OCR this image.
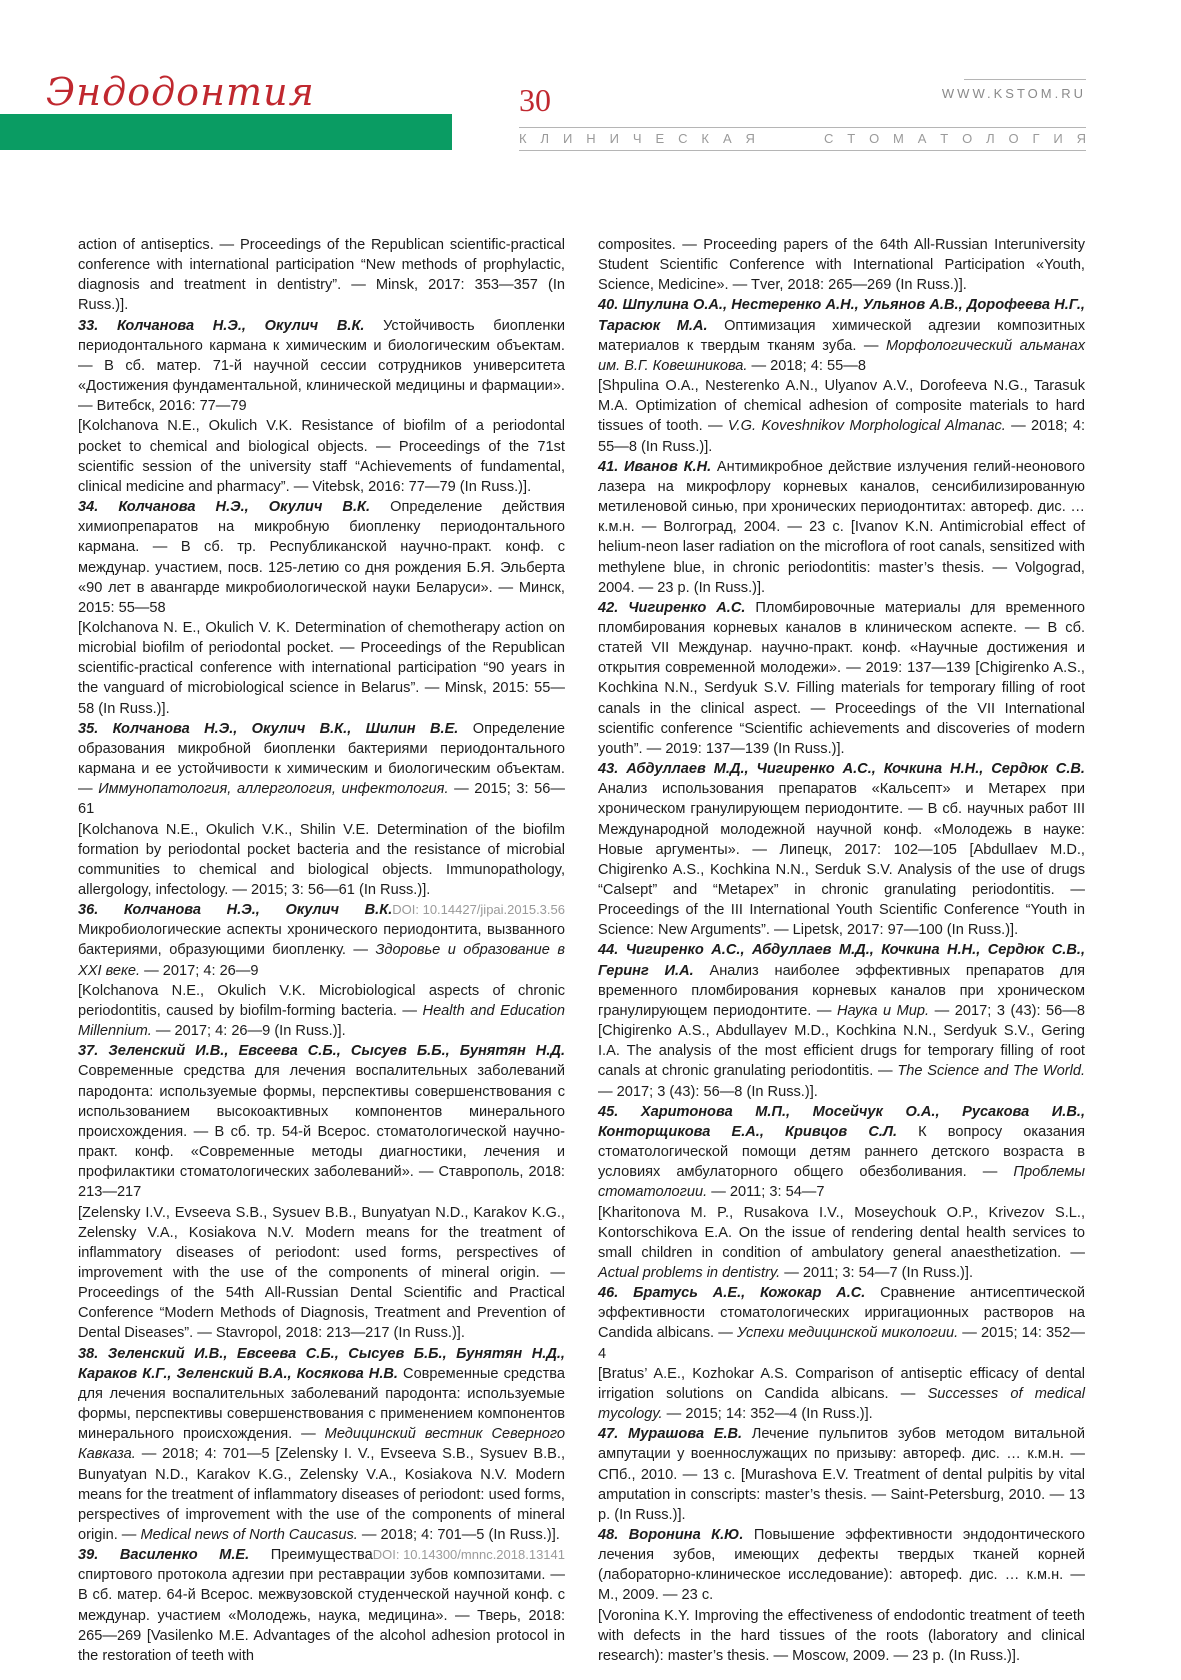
Эндодонтия	30	WWW.KSTOM.RU
К Л И Н И Ч Е С К А Я	С Т О М А Т О Л О Г И Я

action of antiseptics. — Proceedings of the Republican scientific-practical conference with international participation “New methods of prophylactic, diagnosis and treatment in dentistry”. — Minsk, 2017: 353—357 (In Russ.)].

33. Колчанова Н.Э., Окулич В.К. Устойчивость биопленки периодонтального кармана к химическим и биологическим объектам. — В сб. матер. 71-й научной сессии сотрудников университета «Достижения фундаментальной, клинической медицины и фармации». — Витебск, 2016: 77—79

[Kolchanova N.E., Okulich V.K. Resistance of biofilm of a periodontal pocket to chemical and biological objects. — Proceedings of the 71st scientific session of the university staff “Achievements of fundamental, clinical medicine and pharmacy”. — Vitebsk, 2016: 77—79 (In Russ.)].

34. Колчанова Н.Э., Окулич В.К. Определение действия химиопрепаратов на микробную биопленку периодонтального кармана. — В сб. тр. Республиканской научно-практ. конф. с междунар. участием, посв. 125-летию со дня рождения Б.Я. Эльберта «90 лет в авангарде микробиологической науки Беларуси». — Минск, 2015: 55—58

[Kolchanova N. E., Okulich V. K. Determination of chemotherapy action on microbial biofilm of periodontal pocket. — Proceedings of the Republican scientific-practical conference with international participation “90 years in the vanguard of microbiological science in Belarus”. — Minsk, 2015: 55—58 (In Russ.)].

35. Колчанова Н.Э., Окулич В.К., Шилин В.Е. Определение образования микробной биопленки бактериями периодонтального кармана и ее устойчивости к химическим и биологическим объектам. — Иммунопатология, аллергология, инфектология. — 2015; 3: 56—61

[Kolchanova N.E., Okulich V.K., Shilin V.E. Determination of the biofilm formation by periodontal pocket bacteria and the resistance of microbial communities to chemical and biological objects. Immunopathology, allergology, infectology. — 2015; 3: 56—61 (In Russ.)].
DOI: 10.14427/jipai.2015.3.56

36. Колчанова Н.Э., Окулич В.К. Микробиологические аспекты хронического периодонтита, вызванного бактериями, образующими биопленку. — Здоровье и образование в XXI веке. — 2017; 4: 26—9

[Kolchanova N.E., Okulich V.K. Microbiological aspects of chronic periodontitis, caused by biofilm-forming bacteria. — Health and Education Millennium. — 2017; 4: 26—9 (In Russ.)].

37. Зеленский И.В., Евсеева С.Б., Сысуев Б.Б., Бунятян Н.Д. Современные средства для лечения воспалительных заболеваний пародонта: используемые формы, перспективы совершенствования с использованием высокоактивных компонентов минерального происхождения. — В сб. тр. 54-й Всерос. стоматологической научно-практ. конф. «Современные методы диагностики, лечения и профилактики стоматологических заболеваний». — Ставрополь, 2018: 213—217

[Zelensky I.V., Evseeva S.B., Sysuev B.B., Bunyatyan N.D., Karakov K.G., Zelensky V.A., Kosiakova N.V. Modern means for the treatment of inflammatory diseases of periodont: used forms, perspectives of improvement with the use of the components of mineral origin. — Proceedings of the 54th All-Russian Dental Scientific and Practical Conference “Modern Methods of Diagnosis, Treatment and Prevention of Dental Diseases”. — Stavropol, 2018: 213—217 (In Russ.)].

38. Зеленский И.В., Евсеева С.Б., Сысуев Б.Б., Бунятян Н.Д., Караков К.Г., Зеленский В.А., Косякова Н.В. Современные средства для лечения воспалительных заболеваний пародонта: используемые формы, перспективы совершенствования с применением компонентов минерального происхождения. — Медицинский вестник Северного Кавказа. — 2018; 4: 701—5 [Zelensky I. V., Evseeva S.B., Sysuev B.B., Bunyatyan N.D., Karakov K.G., Zelensky V.A., Kosiakova N.V. Modern means for the treatment of inflammatory diseases of periodont: used forms, perspectives of improvement with the use of the components of mineral origin. — Medical news of North Caucasus. — 2018; 4: 701—5 (In Russ.)].
DOI: 10.14300/mnnc.2018.13141

39. Василенко М.Е. Преимущества спиртового протокола адгезии при реставрации зубов композитами. — В сб. матер. 64-й Всерос. межвузовской студенческой научной конф. с междунар. участием «Молодежь, наука, медицина». — Тверь, 2018: 265—269 [Vasilenko M.E. Advantages of the alcohol adhesion protocol in the restoration of teeth with

composites. — Proceeding papers of the 64th All-Russian Interuniversity Student Scientific Conference with International Participation «Youth, Science, Medicine». — Tver, 2018: 265—269 (In Russ.)].

40. Шпулина О.А., Нестеренко А.Н., Ульянов А.В., Дорофеева Н.Г., Тарасюк М.А. Оптимизация химической адгезии композитных материалов к твердым тканям зуба. — Морфологический альманах им. В.Г. Ковешникова. — 2018; 4: 55—8

[Shpulina O.A., Nesterenko A.N., Ulyanov A.V., Dorofeeva N.G., Tarasuk M.A. Optimization of chemical adhesion of composite materials to hard tissues of tooth. — V.G. Koveshnikov Morphological Almanac. — 2018; 4: 55—8 (In Russ.)].

41. Иванов К.Н. Антимикробное действие излучения гелий-неонового лазера на микрофлору корневых каналов, сенсибилизированную метиленовой синью, при хронических периодонтитах: автореф. дис. … к.м.н. — Волгоград, 2004. — 23 с. [Ivanov K.N. Antimicrobial effect of helium-neon laser radiation on the microflora of root canals, sensitized with methylene blue, in chronic periodontitis: master’s thesis. — Volgograd, 2004. — 23 p. (In Russ.)].

42. Чигиренко А.С. Пломбировочные материалы для временного пломбирования корневых каналов в клиническом аспекте. — В сб. статей VII Междунар. научно-практ. конф. «Научные достижения и открытия современной молодежи». — 2019: 137—139 [Chigirenko A.S., Kochkina N.N., Serdyuk S.V. Filling materials for temporary filling of root canals in the clinical aspect. — Proceedings of the VII International scientific conference “Scientific achievements and discoveries of modern youth”. — 2019: 137—139 (In Russ.)].

43. Абдуллаев М.Д., Чигиренко А.С., Кочкина Н.Н., Сердюк С.В. Анализ использования препаратов «Кальсепт» и Метарех при хроническом гранулирующем периодонтите. — В сб. научных работ III Международной молодежной научной конф. «Молодежь в науке: Новые аргументы». — Липецк, 2017: 102—105 [Abdullaev M.D., Chigirenko A.S., Kochkina N.N., Serduk S.V. Analysis of the use of drugs “Calsept” and “Metapex” in chronic granulating periodontitis. — Proceedings of the III International Youth Scientific Conference “Youth in Science: New Arguments”. — Lipetsk, 2017: 97—100 (In Russ.)].

44. Чигиренко А.С., Абдуллаев М.Д., Кочкина Н.Н., Сердюк С.В., Геринг И.А. Анализ наиболее эффективных препаратов для временного пломбирования корневых каналов при хроническом гранулирующем периодонтите. — Наука и Мир. — 2017; 3 (43): 56—8 [Chigirenko A.S., Abdullayev M.D., Kochkina N.N., Serdyuk S.V., Gering I.A. The analysis of the most efficient drugs for temporary filling of root canals at chronic granulating periodontitis. — The Science and The World. — 2017; 3 (43): 56—8 (In Russ.)].

45. Харитонова М.П., Мосейчук О.А., Русакова И.В., Конторщикова Е.А., Кривцов С.Л. К вопросу оказания стоматологической помощи детям раннего детского возраста в условиях амбулаторного общего обезболивания. — Проблемы стоматологии. — 2011; 3: 54—7

[Kharitonova M. P., Rusakova I.V., Moseychouk O.P., Krivezov S.L., Kontorschikova E.A. On the issue of rendering dental health services to small children in condition of ambulatory general anaesthetization. — Actual problems in dentistry. — 2011; 3: 54—7 (In Russ.)].

46. Братусь А.Е., Кожокар А.С. Сравнение антисептической эффективности стоматологических ирригационных растворов на Candida albicans. — Успехи медицинской микологии. — 2015; 14: 352—4

[Bratus’ A.E., Kozhokar A.S. Comparison of antiseptic efficacy of dental irrigation solutions on Candida albicans. — Successes of medical mycology. — 2015; 14: 352—4 (In Russ.)].

47. Мурашова Е.В. Лечение пульпитов зубов методом витальной ампутации у военнослужащих по призыву: автореф. дис. … к.м.н. — СПб., 2010. — 13 с. [Murashova E.V. Treatment of dental pulpitis by vital amputation in conscripts: master’s thesis. — Saint-Petersburg, 2010. — 13 p. (In Russ.)].

48. Воронина К.Ю. Повышение эффективности эндодонтического лечения зубов, имеющих дефекты твердых тканей корней (лабораторно-клиническое исследование): автореф. дис. … к.м.н. — М., 2009. — 23 с.

[Voronina K.Y. Improving the effectiveness of endodontic treatment of teeth with defects in the hard tissues of the roots (laboratory and clinical research): master’s thesis. — Moscow, 2009. — 23 p. (In Russ.)].
